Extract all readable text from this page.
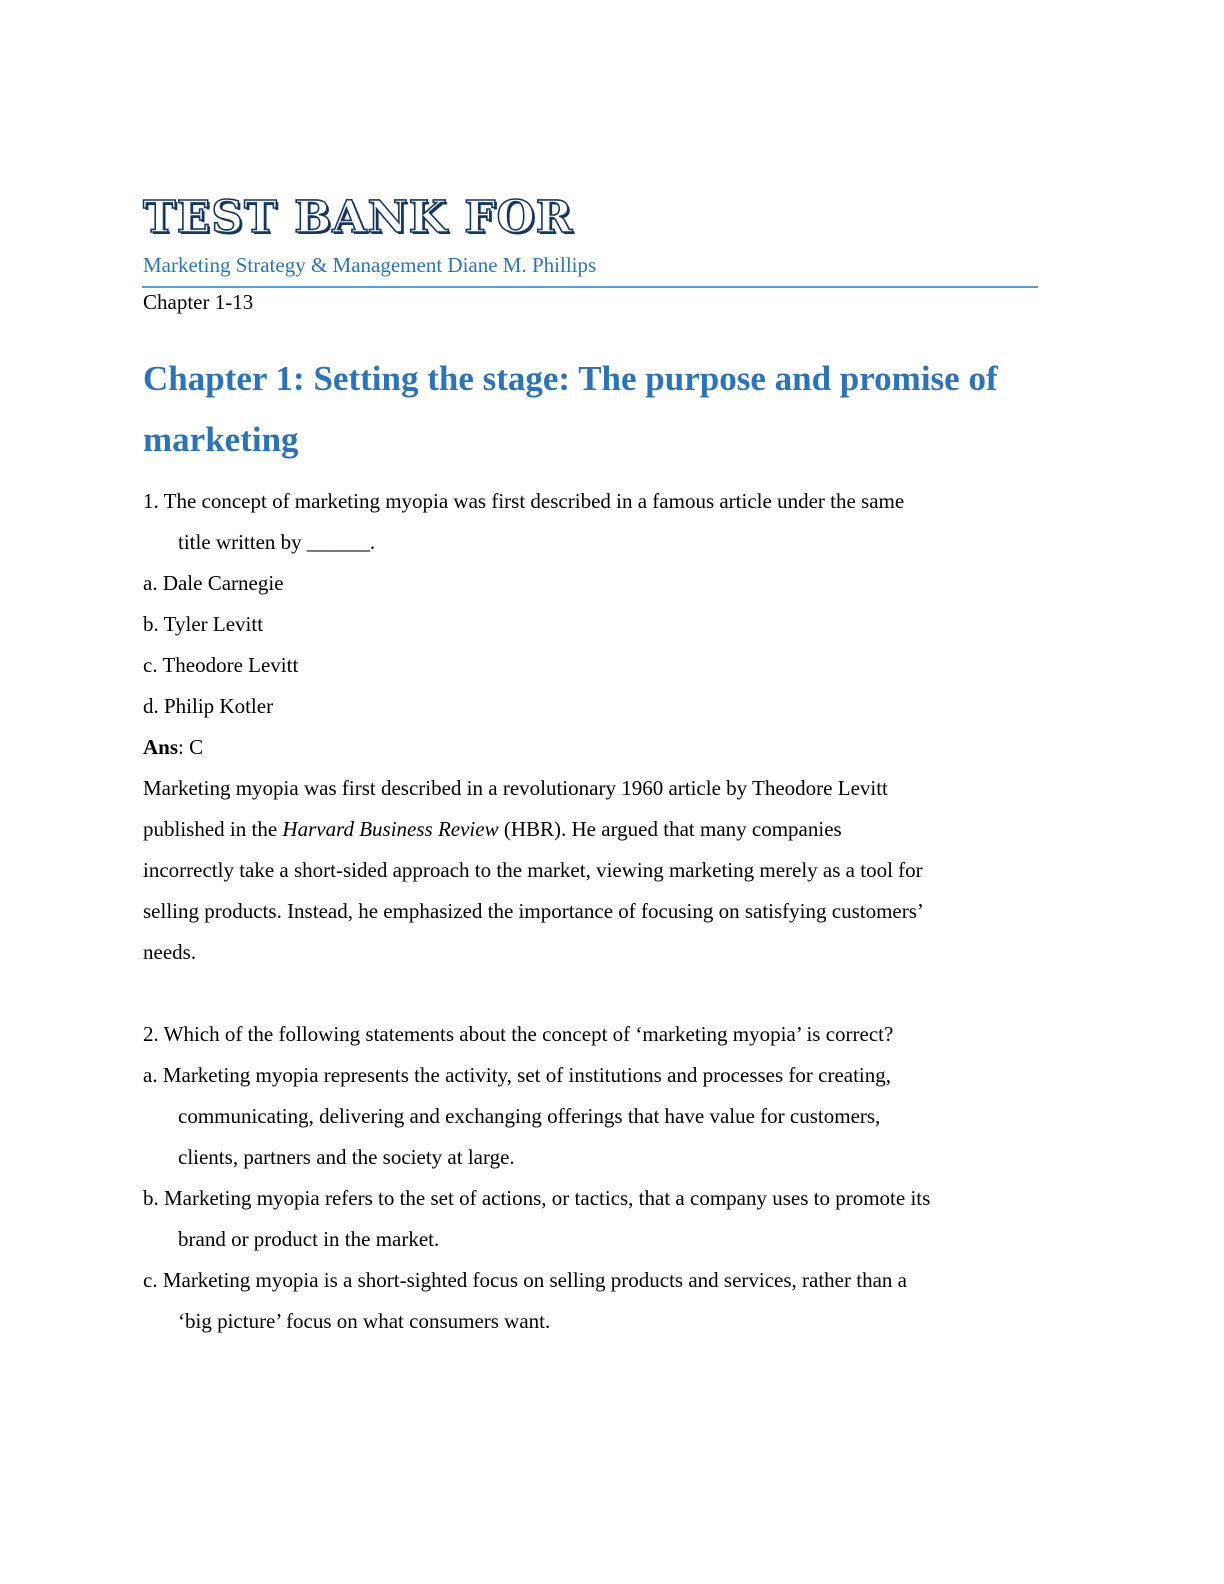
TEST BANK FOR
Marketing Strategy & Management Diane M. Phillips
Chapter 1-13
Chapter 1: Setting the stage: The purpose and promise of
marketing
1. The concept of marketing myopia was first described in a famous article under the same
title written by ______.
a. Dale Carnegie
b. Tyler Levitt
c. Theodore Levitt
d. Philip Kotler
Ans: C
Marketing myopia was first described in a revolutionary 1960 article by Theodore Levitt
published in the Harvard Business Review (HBR). He argued that many companies
incorrectly take a short-sided approach to the market, viewing marketing merely as a tool for
selling products. Instead, he emphasized the importance of focusing on satisfying customers’
needs.
2. Which of the following statements about the concept of ‘marketing myopia’ is correct?
a. Marketing myopia represents the activity, set of institutions and processes for creating,
communicating, delivering and exchanging offerings that have value for customers,
clients, partners and the society at large.
b. Marketing myopia refers to the set of actions, or tactics, that a company uses to promote its
brand or product in the market.
c. Marketing myopia is a short-sighted focus on selling products and services, rather than a
‘big picture’ focus on what consumers want.
